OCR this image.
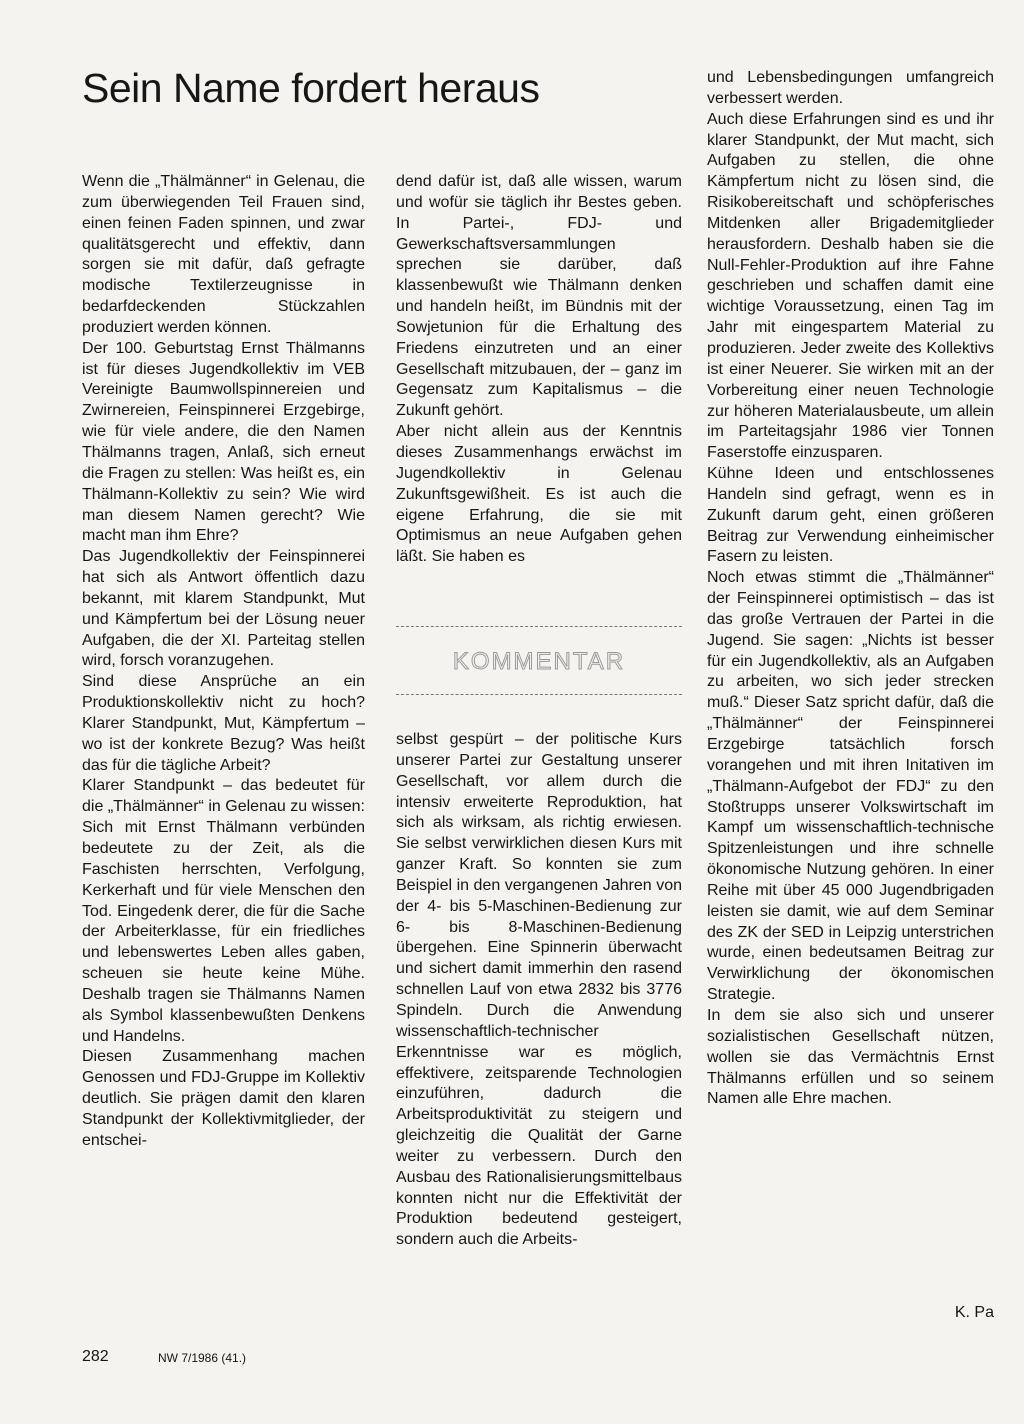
Sein Name fordert heraus

Wenn die „Thälmänner“ in Gelenau, die zum überwiegenden Teil Frauen sind, einen feinen Faden spinnen, und zwar qualitätsgerecht und effektiv, dann sorgen sie mit dafür, daß gefragte modische Textilerzeugnisse in bedarfdeckenden Stückzahlen produziert werden können.

Der 100. Geburtstag Ernst Thälmanns ist für dieses Jugendkollektiv im VEB Vereinigte Baumwollspinnereien und Zwirnereien, Feinspinnerei Erzgebirge, wie für viele andere, die den Namen Thälmanns tragen, Anlaß, sich erneut die Fragen zu stellen: Was heißt es, ein Thälmann-Kollektiv zu sein? Wie wird man diesem Namen gerecht? Wie macht man ihm Ehre?

Das Jugendkollektiv der Feinspinnerei hat sich als Antwort öffentlich dazu bekannt, mit klarem Standpunkt, Mut und Kämpfertum bei der Lösung neuer Aufgaben, die der XI. Parteitag stellen wird, forsch voranzugehen.

Sind diese Ansprüche an ein Produktionskollektiv nicht zu hoch? Klarer Standpunkt, Mut, Kämpfertum – wo ist der konkrete Bezug? Was heißt das für die tägliche Arbeit?

Klarer Standpunkt – das bedeutet für die „Thälmänner“ in Gelenau zu wissen: Sich mit Ernst Thälmann verbünden bedeutete zu der Zeit, als die Faschisten herrschten, Verfolgung, Kerkerhaft und für viele Menschen den Tod. Eingedenk derer, die für die Sache der Arbeiterklasse, für ein friedliches und lebenswertes Leben alles gaben, scheuen sie heute keine Mühe. Deshalb tragen sie Thälmanns Namen als Symbol klassenbewußten Denkens und Handelns.

Diesen Zusammenhang machen Genossen und FDJ-Gruppe im Kollektiv deutlich. Sie prägen damit den klaren Standpunkt der Kollektivmitglieder, der entschei-

dend dafür ist, daß alle wissen, warum und wofür sie täglich ihr Bestes geben. In Partei-, FDJ- und Gewerkschaftsversammlungen sprechen sie darüber, daß klassenbewußt wie Thälmann denken und handeln heißt, im Bündnis mit der Sowjetunion für die Erhaltung des Friedens einzutreten und an einer Gesellschaft mitzubauen, der – ganz im Gegensatz zum Kapitalismus – die Zukunft gehört.

Aber nicht allein aus der Kenntnis dieses Zusammenhangs erwächst im Jugendkollektiv in Gelenau Zukunftsgewißheit. Es ist auch die eigene Erfahrung, die sie mit Optimismus an neue Aufgaben gehen läßt. Sie haben es

KOMMENTAR

selbst gespürt – der politische Kurs unserer Partei zur Gestaltung unserer Gesellschaft, vor allem durch die intensiv erweiterte Reproduktion, hat sich als wirksam, als richtig erwiesen. Sie selbst verwirklichen diesen Kurs mit ganzer Kraft. So konnten sie zum Beispiel in den vergangenen Jahren von der 4- bis 5-Maschinen-Bedienung zur 6- bis 8-Maschinen-Bedienung übergehen. Eine Spinnerin überwacht und sichert damit immerhin den rasend schnellen Lauf von etwa 2832 bis 3776 Spindeln. Durch die Anwendung wissenschaftlich-technischer Erkenntnisse war es möglich, effektivere, zeitsparende Technologien einzuführen, dadurch die Arbeitsproduktivität zu steigern und gleichzeitig die Qualität der Garne weiter zu verbessern. Durch den Ausbau des Rationalisierungsmittelbaus konnten nicht nur die Effektivität der Produktion bedeutend gesteigert, sondern auch die Arbeits-

und Lebensbedingungen umfangreich verbessert werden.

Auch diese Erfahrungen sind es und ihr klarer Standpunkt, der Mut macht, sich Aufgaben zu stellen, die ohne Kämpfertum nicht zu lösen sind, die Risikobereitschaft und schöpferisches Mitdenken aller Brigademitglieder herausfordern. Deshalb haben sie die Null-Fehler-Produktion auf ihre Fahne geschrieben und schaffen damit eine wichtige Voraussetzung, einen Tag im Jahr mit eingespartem Material zu produzieren. Jeder zweite des Kollektivs ist einer Neuerer. Sie wirken mit an der Vorbereitung einer neuen Technologie zur höheren Materialausbeute, um allein im Parteitagsjahr 1986 vier Tonnen Faserstoffe einzusparen.

Kühne Ideen und entschlossenes Handeln sind gefragt, wenn es in Zukunft darum geht, einen größeren Beitrag zur Verwendung einheimischer Fasern zu leisten.

Noch etwas stimmt die „Thälmänner“ der Feinspinnerei optimistisch – das ist das große Vertrauen der Partei in die Jugend. Sie sagen: „Nichts ist besser für ein Jugendkollektiv, als an Aufgaben zu arbeiten, wo sich jeder strecken muß.“ Dieser Satz spricht dafür, daß die „Thälmänner“ der Feinspinnerei Erzgebirge tatsächlich forsch vorangehen und mit ihren Initativen im „Thälmann-Aufgebot der FDJ“ zu den Stoßtrupps unserer Volkswirtschaft im Kampf um wissenschaftlich-technische Spitzenleistungen und ihre schnelle ökonomische Nutzung gehören. In einer Reihe mit über 45 000 Jugendbrigaden leisten sie damit, wie auf dem Seminar des ZK der SED in Leipzig unterstrichen wurde, einen bedeutsamen Beitrag zur Verwirklichung der ökonomischen Strategie.

In dem sie also sich und unserer sozialistischen Gesellschaft nützen, wollen sie das Vermächtnis Ernst Thälmanns erfüllen und so seinem Namen alle Ehre machen.

K. Pa
282	NW 7/1986 (41.)
